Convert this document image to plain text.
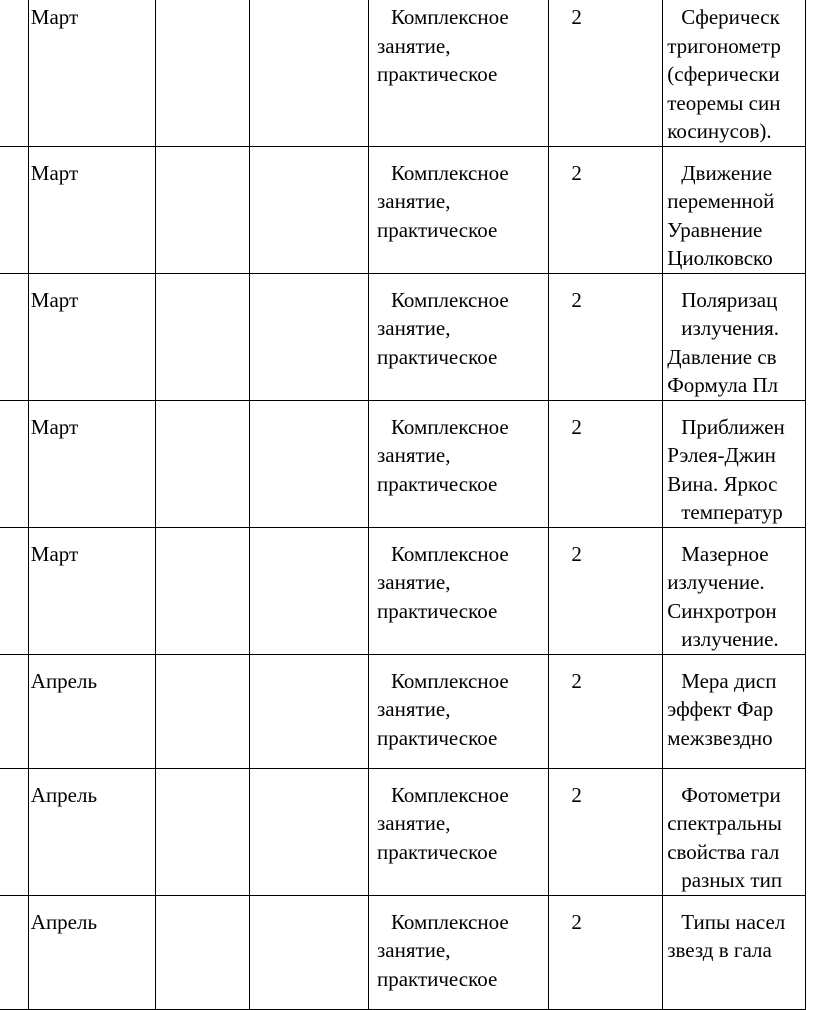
	Март			Комплексное
занятие,
практическое	2	Сферическ
тригонометр
(сферически
теоремы син
косинусов).

	Март			Комплексное
занятие,
практическое	2	Движение
переменной
Уравнение
Циолковско

	Март			Комплексное
занятие,
практическое	2	Поляризац
излучения.
Давление св
Формула Пл

	Март			Комплексное
занятие,
практическое	2	Приближен
Рэлея-Джин
Вина. Яркос
температур

	Март			Комплексное
занятие,
практическое	2	Мазерное
излучение.
Синхротрон
излучение.

	Апрель			Комплексное
занятие,
практическое	2	Мера дисп
эффект Фар
межзвездно

	Апрель			Комплексное
занятие,
практическое	2	Фотометри
спектральны
свойства гал
разных тип

	Апрель			Комплексное
занятие,
практическое	2	Типы насел
звезд в гала
